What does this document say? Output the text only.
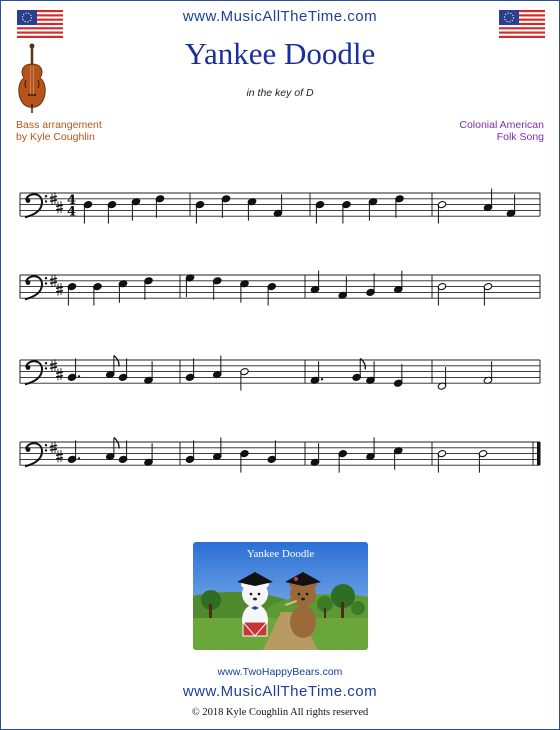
www.MusicAllTheTime.com
Yankee Doodle
in the key of D
Bass arrangement
by Kyle Coughlin
Colonial American
Folk Song
4
4
Yankee Doodle
www.TwoHappyBears.com
www.MusicAllTheTime.com
© 2018 Kyle Coughlin All rights reserved
